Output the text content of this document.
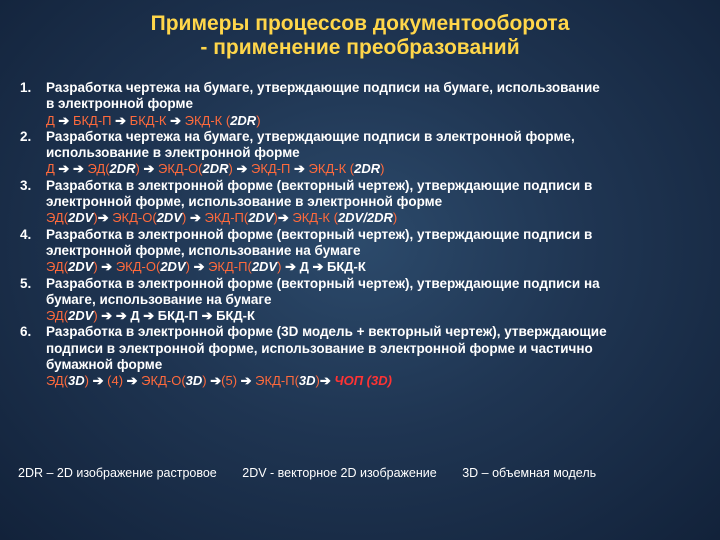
Примеры процессов документооборота
- применение преобразований
1.	Разработка чертежа на бумаге, утверждающие подписи на бумаге, использование
в электронной форме
Д ➔ БКД-П ➔ БКД-К ➔ ЭКД-К (2DR)
2.	Разработка чертежа на бумаге, утверждающие подписи в электронной форме,
использование в электронной форме
Д ➔ ➔ ЭД(2DR) ➔ ЭКД-О(2DR) ➔ ЭКД-П ➔ ЭКД-К (2DR)
3.	Разработка в электронной форме (векторный чертеж), утверждающие подписи в
электронной форме, использование в электронной форме
ЭД(2DV)➔ ЭКД-О(2DV) ➔ ЭКД-П(2DV)➔ ЭКД-К (2DV/2DR)
4.	Разработка в электронной форме (векторный чертеж), утверждающие подписи в
электронной форме, использование на бумаге
ЭД(2DV) ➔ ЭКД-О(2DV) ➔ ЭКД-П(2DV) ➔ Д ➔ БКД-К
5.	Разработка в электронной форме (векторный чертеж), утверждающие подписи на
бумаге, использование на бумаге
ЭД(2DV) ➔ ➔ Д ➔ БКД-П ➔ БКД-К
6.	Разработка в электронной форме (3D модель + векторный чертеж), утверждающие
подписи в электронной форме, использование в электронной форме и частично
бумажной форме
ЭД(3D) ➔ (4) ➔ ЭКД-О(3D) ➔(5) ➔ ЭКД-П(3D)➔ ЧОП (3D)
2DR – 2D изображение растровое 2DV - векторное 2D изображение 3D – объемная модель
